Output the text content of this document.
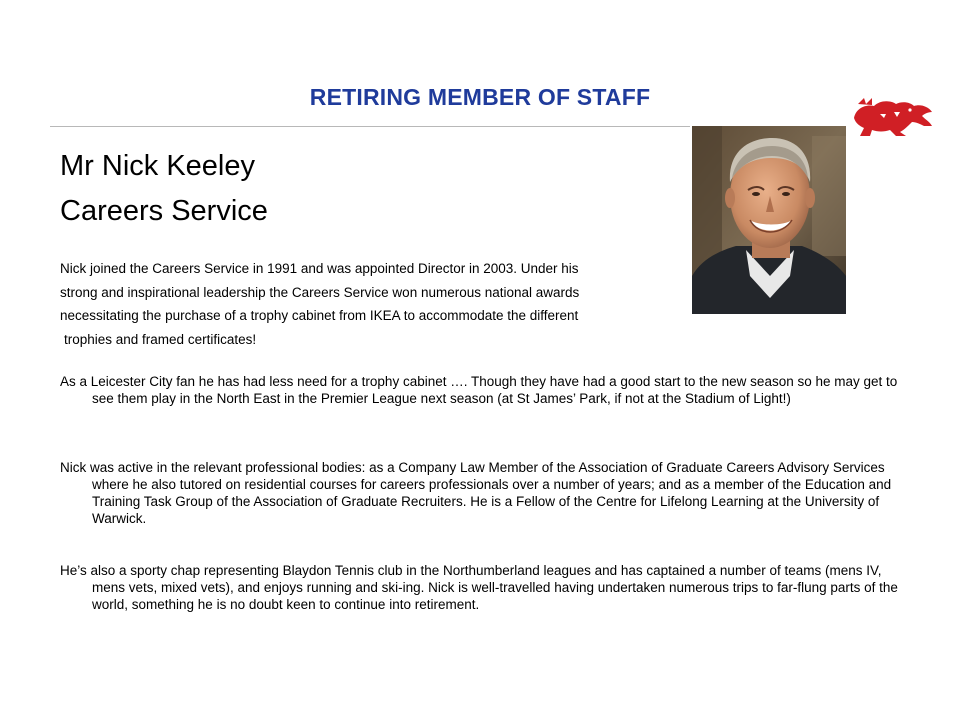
RETIRING MEMBER OF STAFF
Mr Nick Keeley
Careers Service
Nick joined the Careers Service in 1991 and was appointed Director in 2003. Under his
strong and inspirational leadership the Careers Service won numerous national awards
necessitating the purchase of a trophy cabinet from IKEA to accommodate the different
trophies and framed certificates!
As a Leicester City fan he has had less need for a trophy cabinet …. Though they have had a good start to the new season so he may get to see them play in the North East in the Premier League next season (at St James’ Park, if not at the Stadium of Light!)
Nick was active in the relevant professional bodies: as a Company Law Member of the Association of Graduate Careers Advisory Services where he also tutored on residential courses for careers professionals over a number of years; and as a member of the Education and Training Task Group of the Association of Graduate Recruiters. He is a Fellow of the Centre for Lifelong Learning at the University of Warwick.
He’s also a sporty chap representing Blaydon Tennis club in the Northumberland leagues and has captained a number of teams (mens IV, mens vets, mixed vets), and enjoys running and ski-ing. Nick is well-travelled having undertaken numerous trips to far-flung parts of the world, something he is no doubt keen to continue into retirement.
